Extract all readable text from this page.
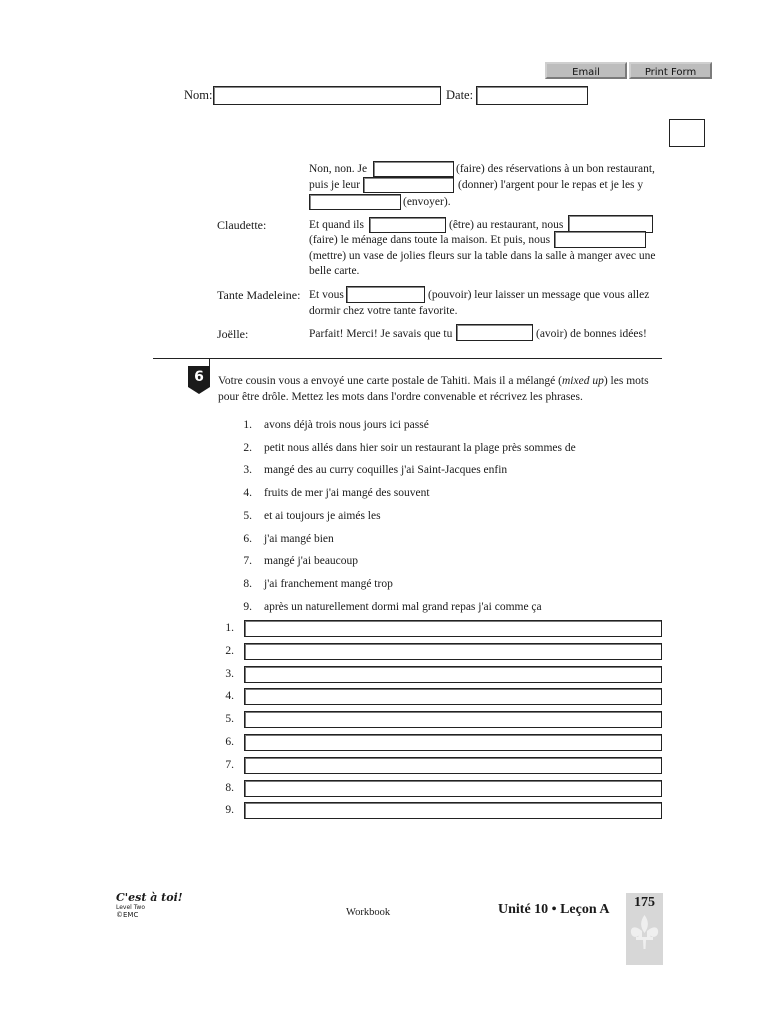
Email	Print Form
Nom:	Date:
Non, non. Je	(faire) des réservations à un bon restaurant,
puis je leur	(donner) l'argent pour le repas et je les y
(envoyer).
Claudette:	Et quand ils	(être) au restaurant, nous
(faire) le ménage dans toute la maison. Et puis, nous
(mettre) un vase de jolies fleurs sur la table dans la salle à manger avec une
belle carte.
Tante Madeleine: Et vous	(pouvoir) leur laisser un message que vous allez
dormir chez votre tante favorite.
Joëlle:	Parfait! Merci! Je savais que tu	(avoir) de bonnes idées!
6	Votre cousin vous a envoyé une carte postale de Tahiti. Mais il a mélangé (mixed up) les mots
pour être drôle. Mettez les mots dans l'ordre convenable et récrivez les phrases.
1. avons déjà trois nous jours ici passé
2. petit nous allés dans hier soir un restaurant la plage près sommes de
3. mangé des au curry coquilles j'ai Saint-Jacques enfin
4. fruits de mer j'ai mangé des souvent
5. et ai toujours je aimés les
6. j'ai mangé bien
7. mangé j'ai beaucoup
8. j'ai franchement mangé trop
9. après un naturellement dormi mal grand repas j'ai comme ça
1.
2.
3.
4.
5.
6.
7.
8.
9.
C'est à toi!
Level Two
©EMC	Workbook	Unité 10 • Leçon A	175
